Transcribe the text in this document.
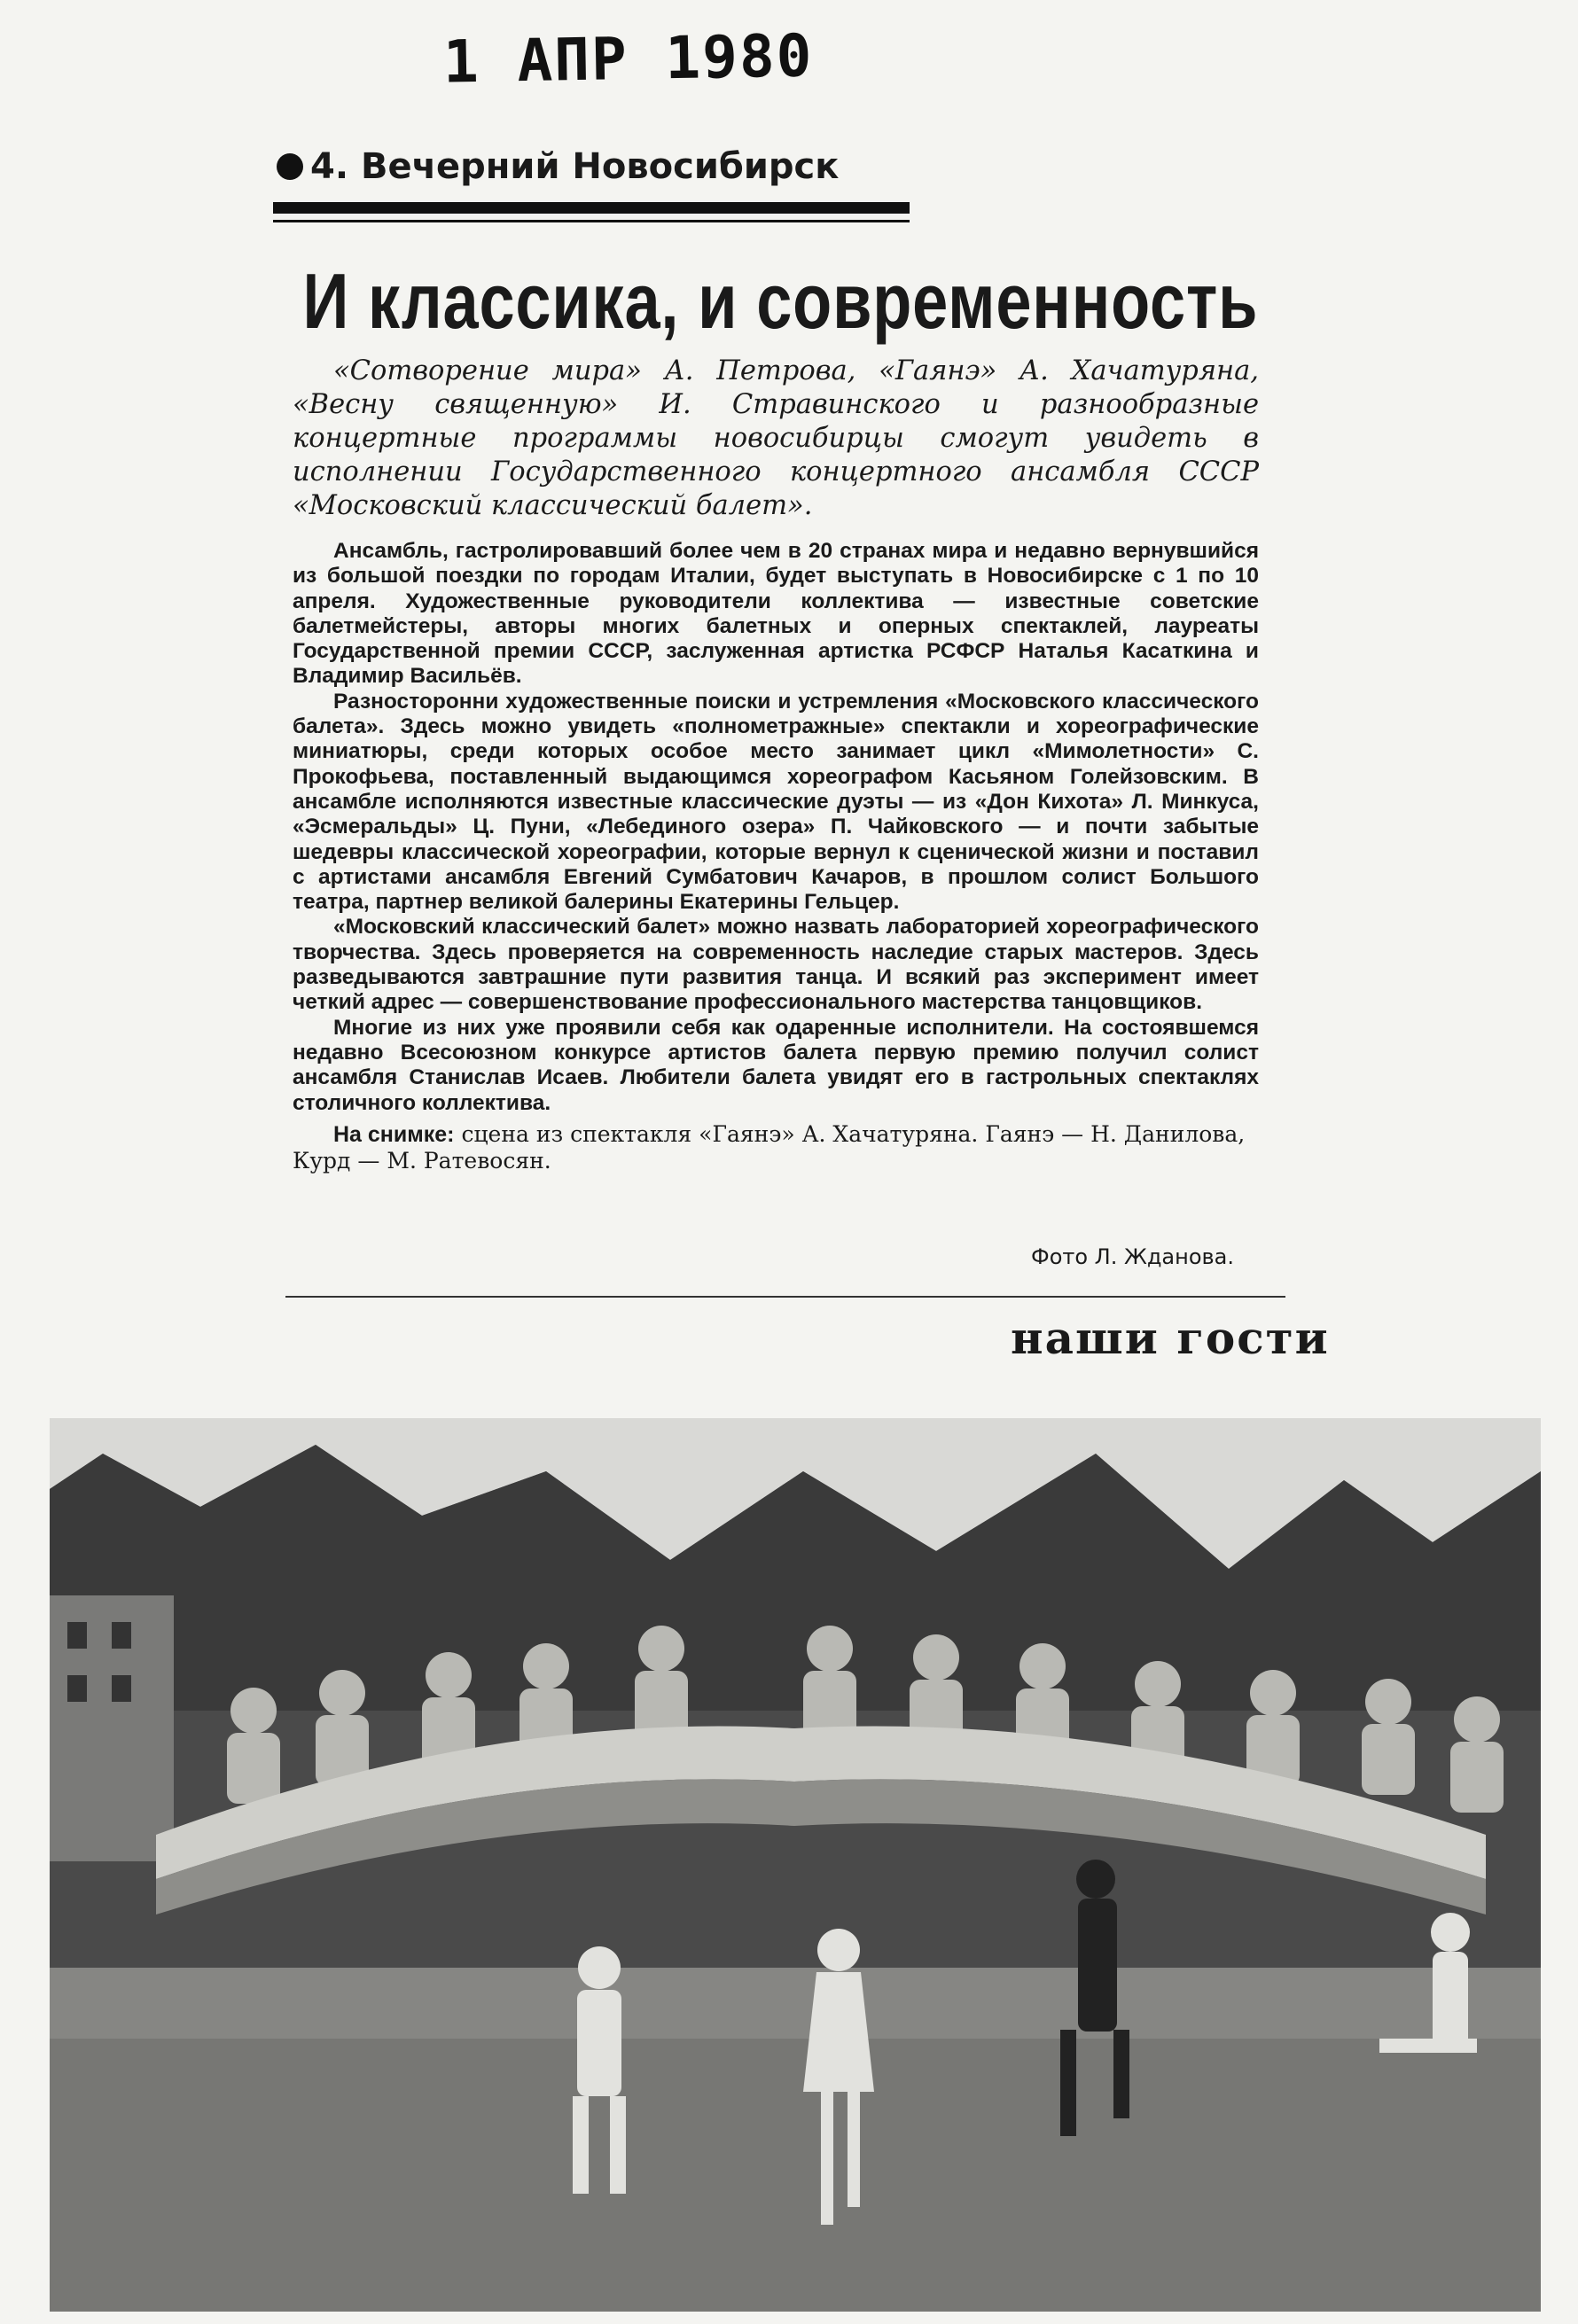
1 АПР 1980
4. Вечерний Новосибирск
И классика, и современность
«Сотворение мира» А. Петрова, «Гаянэ» А. Хачатуряна, «Весну священную» И. Стравинского и разнообразные концертные программы новосибирцы смогут увидеть в исполнении Государственного концертного ансамбля СССР «Московский классический балет».

Ансамбль, гастролировавший более чем в 20 странах мира и недавно вернувшийся из большой поездки по городам Италии, будет выступать в Новосибирске с 1 по 10 апреля. Художественные руководители коллектива — известные советские балетмейстеры, авторы многих балетных и оперных спектаклей, лауреаты Государственной премии СССР, заслуженная артистка РСФСР Наталья Касаткина и Владимир Васильёв.

Разносторонни художественные поиски и устремления «Московского классического балета». Здесь можно увидеть «полнометражные» спектакли и хореографические миниатюры, среди которых особое место занимает цикл «Мимолетности» С. Прокофьева, поставленный выдающимся хореографом Касьяном Голейзовским. В ансамбле исполняются известные классические дуэты — из «Дон Кихота» Л. Минкуса, «Эсмеральды» Ц. Пуни, «Лебединого озера» П. Чайковского — и почти забытые шедевры классической хореографии, которые вернул к сценической жизни и поставил с артистами ансамбля Евгений Сумбатович Качаров, в прошлом солист Большого театра, партнер великой балерины Екатерины Гельцер.

«Московский классический балет» можно назвать лабораторией хореографического творчества. Здесь проверяется на современность наследие старых мастеров. Здесь разведываются завтрашние пути развития танца. И всякий раз эксперимент имеет четкий адрес — совершенствование профессионального мастерства танцовщиков.

Многие из них уже проявили себя как одаренные исполнители. На состоявшемся недавно Всесоюзном конкурсе артистов балета первую премию получил солист ансамбля Станислав Исаев. Любители балета увидят его в гастрольных спектаклях столичного коллектива.

На снимке: сцена из спектакля «Гаянэ» А. Хачатуряна. Гаянэ — Н. Данилова, Курд — М. Ратевосян.
Фото Л. Жданова.
наши гости
